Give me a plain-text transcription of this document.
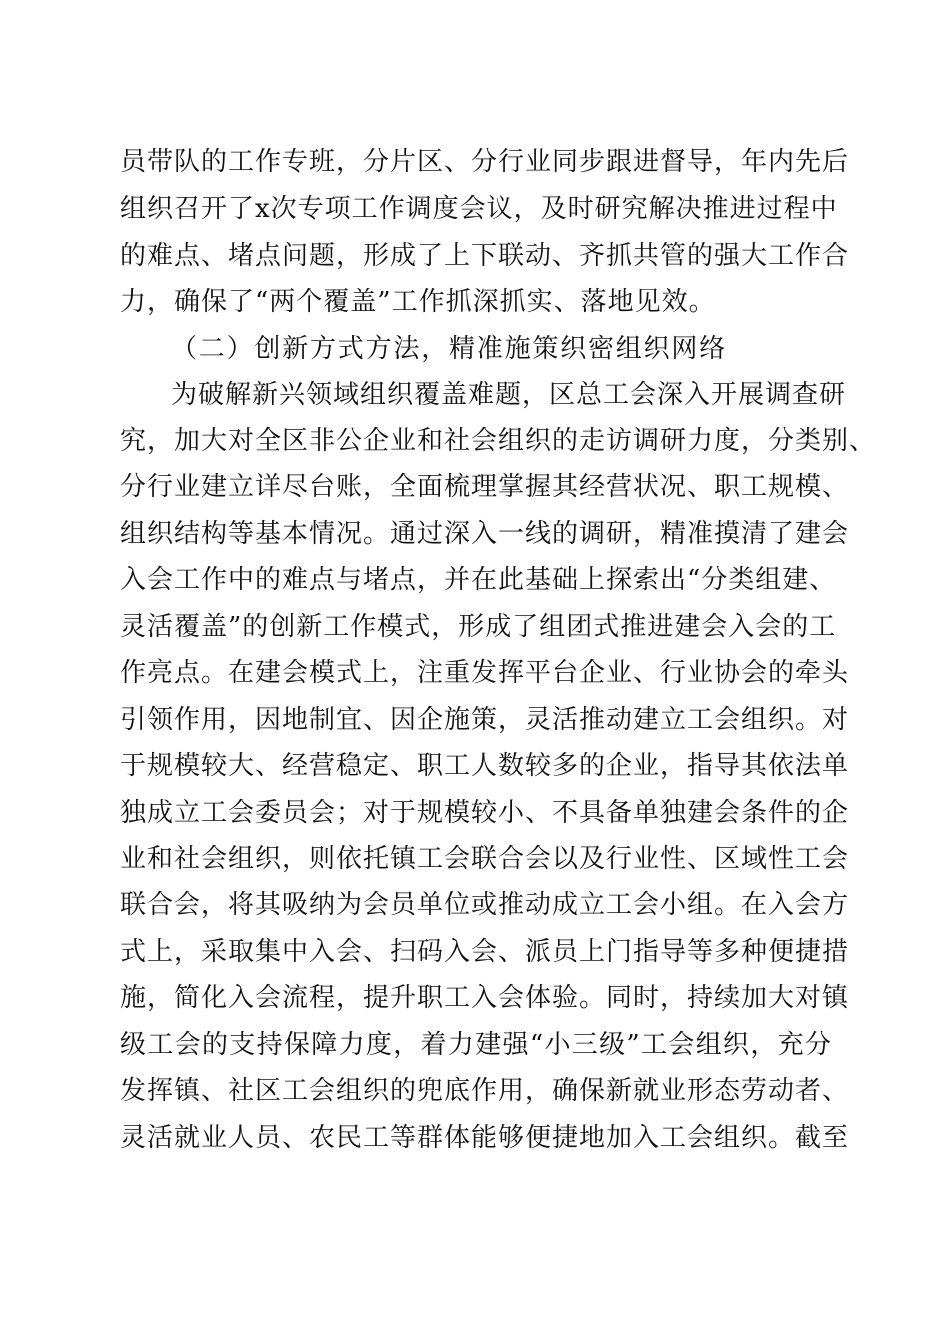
员带队的工作专班，分片区、分行业同步跟进督导，年内先后
组织召开了x次专项工作调度会议，及时研究解决推进过程中
的难点、堵点问题，形成了上下联动、齐抓共管的强大工作合
力，确保了“两个覆盖”工作抓深抓实、落地见效。
（二）创新方式方法，精准施策织密组织网络
为破解新兴领域组织覆盖难题，区总工会深入开展调查研
究，加大对全区非公企业和社会组织的走访调研力度，分类别、
分行业建立详尽台账，全面梳理掌握其经营状况、职工规模、
组织结构等基本情况。通过深入一线的调研，精准摸清了建会
入会工作中的难点与堵点，并在此基础上探索出“分类组建、
灵活覆盖”的创新工作模式，形成了组团式推进建会入会的工
作亮点。在建会模式上，注重发挥平台企业、行业协会的牵头
引领作用，因地制宜、因企施策，灵活推动建立工会组织。对
于规模较大、经营稳定、职工人数较多的企业，指导其依法单
独成立工会委员会；对于规模较小、不具备单独建会条件的企
业和社会组织，则依托镇工会联合会以及行业性、区域性工会
联合会，将其吸纳为会员单位或推动成立工会小组。在入会方
式上，采取集中入会、扫码入会、派员上门指导等多种便捷措
施，简化入会流程，提升职工入会体验。同时，持续加大对镇
级工会的支持保障力度，着力建强“小三级”工会组织，充分
发挥镇、社区工会组织的兜底作用，确保新就业形态劳动者、
灵活就业人员、农民工等群体能够便捷地加入工会组织。截至
